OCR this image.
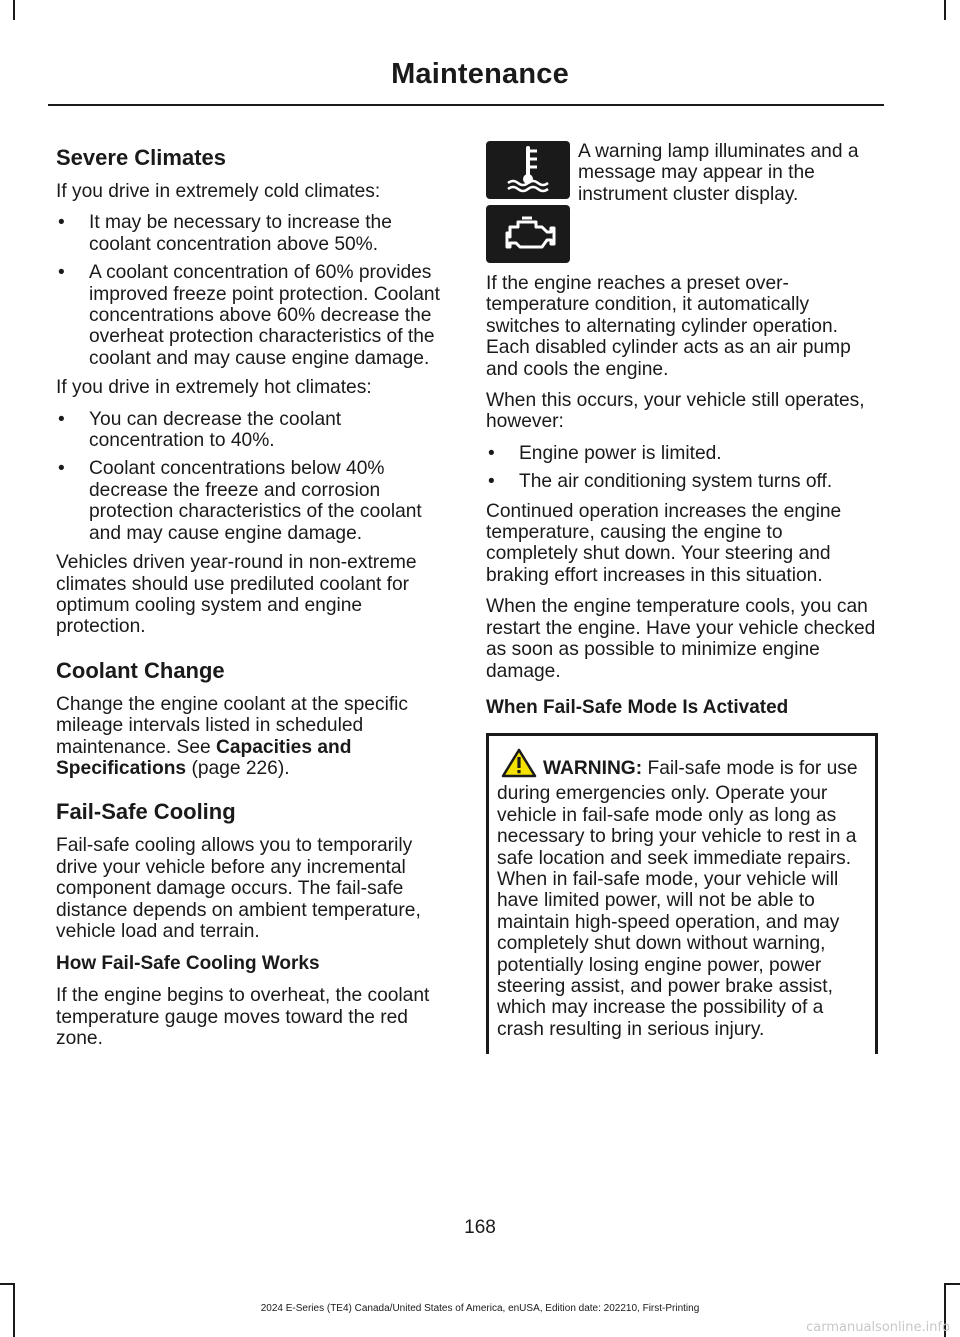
Maintenance
Severe Climates

If you drive in extremely cold climates:

• It may be necessary to increase the coolant concentration above 50%.
• A coolant concentration of 60% provides improved freeze point protection. Coolant concentrations above 60% decrease the overheat protection characteristics of the coolant and may cause engine damage.

If you drive in extremely hot climates:

• You can decrease the coolant concentration to 40%.
• Coolant concentrations below 40% decrease the freeze and corrosion protection characteristics of the coolant and may cause engine damage.

Vehicles driven year-round in non-extreme climates should use prediluted coolant for optimum cooling system and engine protection.

Coolant Change

Change the engine coolant at the specific mileage intervals listed in scheduled maintenance. See Capacities and Specifications (page 226).

Fail-Safe Cooling

Fail-safe cooling allows you to temporarily drive your vehicle before any incremental component damage occurs. The fail-safe distance depends on ambient temperature, vehicle load and terrain.

How Fail-Safe Cooling Works

If the engine begins to overheat, the coolant temperature gauge moves toward the red zone.

A warning lamp illuminates and a message may appear in the instrument cluster display.

If the engine reaches a preset over-temperature condition, it automatically switches to alternating cylinder operation. Each disabled cylinder acts as an air pump and cools the engine.

When this occurs, your vehicle still operates, however:

• Engine power is limited.
• The air conditioning system turns off.

Continued operation increases the engine temperature, causing the engine to completely shut down. Your steering and braking effort increases in this situation.

When the engine temperature cools, you can restart the engine. Have your vehicle checked as soon as possible to minimize engine damage.

When Fail-Safe Mode Is Activated
WARNING: Fail-safe mode is for use during emergencies only. Operate your vehicle in fail-safe mode only as long as necessary to bring your vehicle to rest in a safe location and seek immediate repairs. When in fail-safe mode, your vehicle will have limited power, will not be able to maintain high-speed operation, and may completely shut down without warning, potentially losing engine power, power steering assist, and power brake assist, which may increase the possibility of a crash resulting in serious injury.
168
2024 E-Series (TE4) Canada/United States of America, enUSA, Edition date: 202210, First-Printing
carmanualsonline.info
